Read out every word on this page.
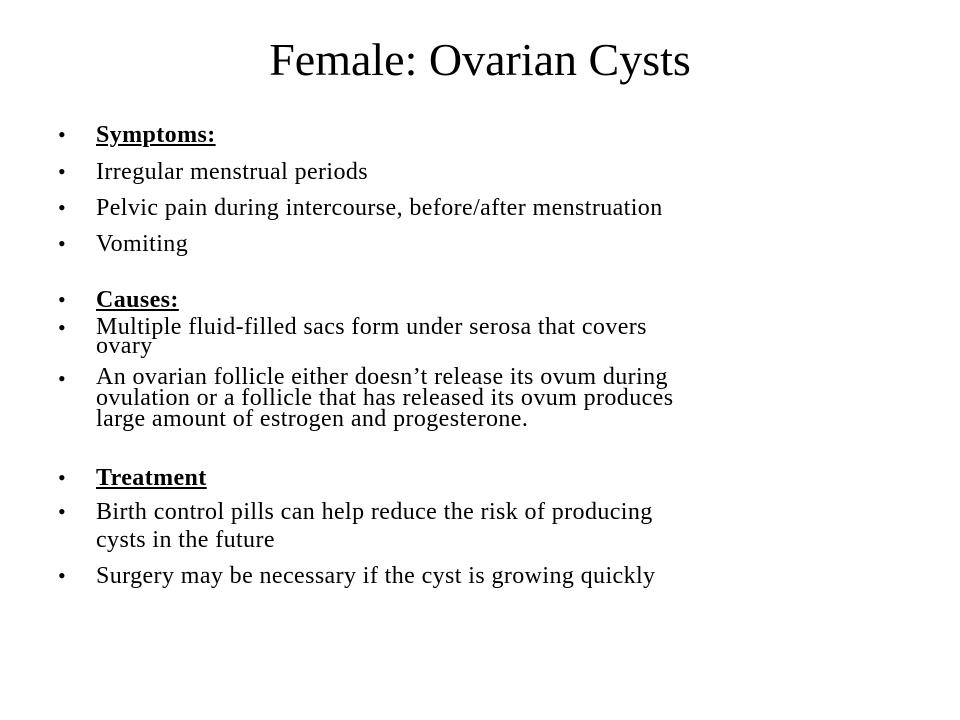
Female: Ovarian Cysts
• Symptoms:

• Irregular menstrual periods

• Pelvic pain during intercourse, before/after menstruation

• Vomiting

• Causes:

• Multiple fluid-filled sacs form under serosa that covers

ovary

• An ovarian follicle either doesn’t release its ovum during

ovulation or a follicle that has released its ovum produces

large amount of estrogen and progesterone.

• Treatment

• Birth control pills can help reduce the risk of producing

cysts in the future

• Surgery may be necessary if the cyst is growing quickly
